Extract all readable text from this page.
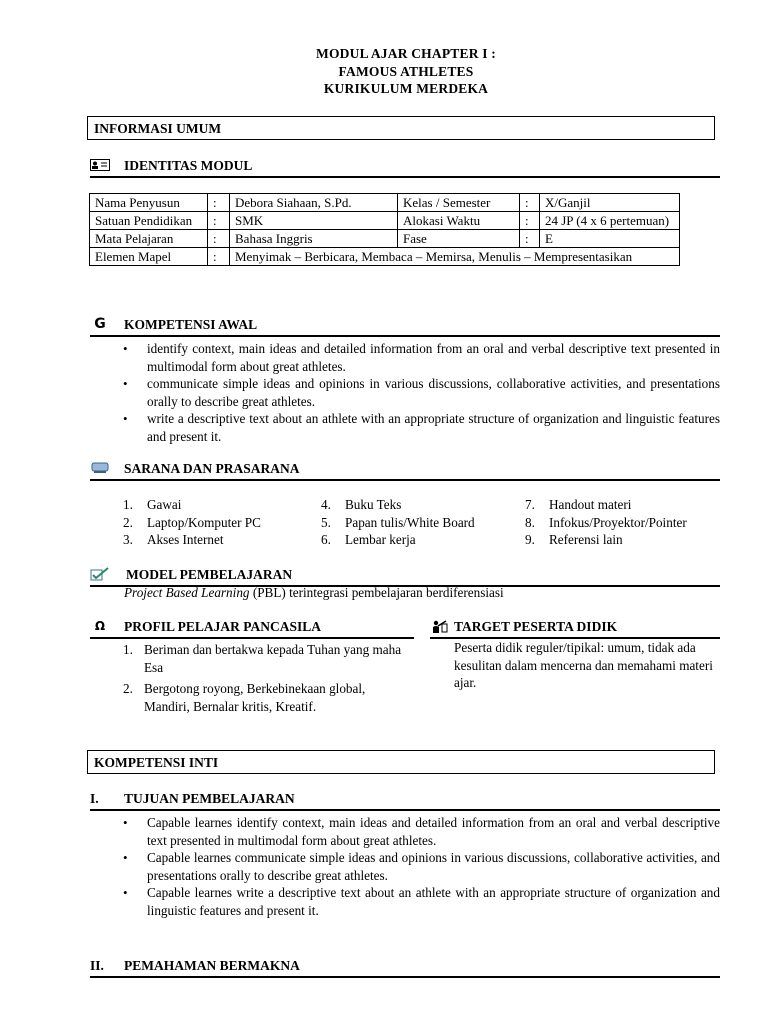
MODUL AJAR CHAPTER I :
FAMOUS ATHLETES
KURIKULUM MERDEKA
INFORMASI UMUM
IDENTITAS MODUL
Nama Penyusun	:	Debora Siahaan, S.Pd.	Kelas / Semester	:	X/Ganjil
Satuan Pendidikan	:	SMK	Alokasi Waktu	:	24 JP (4 x 6 pertemuan)
Mata Pelajaran	:	Bahasa Inggris	Fase	:	E
Elemen Mapel	:	Menyimak – Berbicara, Membaca – Memirsa, Menulis – Mempresentasikan			
G	KOMPETENSI AWAL
• identify context, main ideas and detailed information from an oral and verbal descriptive text presented in multimodal form about great athletes.
• communicate simple ideas and opinions in various discussions, collaborative activities, and presentations orally to describe great athletes.
• write a descriptive text about an athlete with an appropriate structure of organization and linguistic features and present it.
SARANA DAN PRASARANA
1.	Gawai
2.	Laptop/Komputer PC
3.	Akses Internet
4.	Buku Teks
5.	Papan tulis/White Board
6.	Lembar kerja
7.	Handout materi
8.	Infokus/Proyektor/Pointer
9.	Referensi lain
MODEL PEMBELAJARAN
Project Based Learning (PBL) terintegrasi pembelajaran berdiferensiasi
Ω	PROFIL PELAJAR PANCASILA
1. Beriman dan bertakwa kepada Tuhan yang maha Esa
2. Bergotong royong, Berkebinekaan global, Mandiri, Bernalar kritis, Kreatif.
TARGET PESERTA DIDIK
Peserta didik reguler/tipikal: umum, tidak ada kesulitan dalam mencerna dan memahami materi ajar.
KOMPETENSI INTI
I. TUJUAN PEMBELAJARAN
• Capable learnes identify context, main ideas and detailed information from an oral and verbal descriptive text presented in multimodal form about great athletes.
• Capable learnes communicate simple ideas and opinions in various discussions, collaborative activities, and presentations orally to describe great athletes.
• Capable learnes write a descriptive text about an athlete with an appropriate structure of organization and linguistic features and present it.
II. PEMAHAMAN BERMAKNA
